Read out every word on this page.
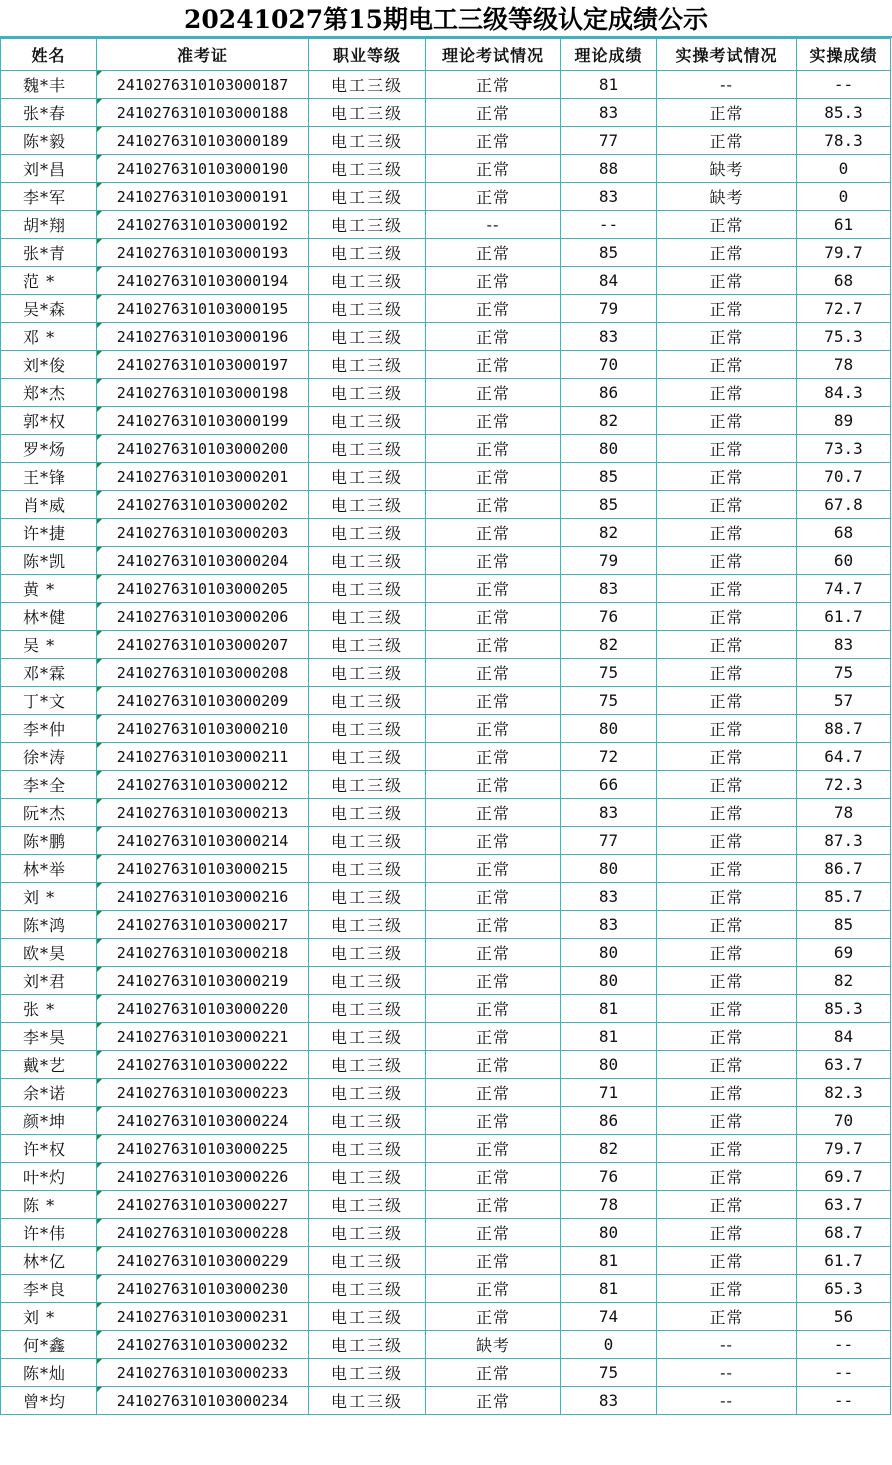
20241027第15期电工三级等级认定成绩公示
姓名	准考证	职业等级	理论考试情况	理论成绩	实操考试情况	实操成绩
魏*丰	2410276310103000187	电工三级	正常	81	--	--
张*春	2410276310103000188	电工三级	正常	83	正常	85.3
陈*毅	2410276310103000189	电工三级	正常	77	正常	78.3
刘*昌	2410276310103000190	电工三级	正常	88	缺考	0
李*军	2410276310103000191	电工三级	正常	83	缺考	0
胡*翔	2410276310103000192	电工三级	--	--	正常	61
张*青	2410276310103000193	电工三级	正常	85	正常	79.7
范 *	2410276310103000194	电工三级	正常	84	正常	68
吴*森	2410276310103000195	电工三级	正常	79	正常	72.7
邓 *	2410276310103000196	电工三级	正常	83	正常	75.3
刘*俊	2410276310103000197	电工三级	正常	70	正常	78
郑*杰	2410276310103000198	电工三级	正常	86	正常	84.3
郭*权	2410276310103000199	电工三级	正常	82	正常	89
罗*炀	2410276310103000200	电工三级	正常	80	正常	73.3
王*锋	2410276310103000201	电工三级	正常	85	正常	70.7
肖*威	2410276310103000202	电工三级	正常	85	正常	67.8
许*捷	2410276310103000203	电工三级	正常	82	正常	68
陈*凯	2410276310103000204	电工三级	正常	79	正常	60
黄 *	2410276310103000205	电工三级	正常	83	正常	74.7
林*健	2410276310103000206	电工三级	正常	76	正常	61.7
吴 *	2410276310103000207	电工三级	正常	82	正常	83
邓*霖	2410276310103000208	电工三级	正常	75	正常	75
丁*文	2410276310103000209	电工三级	正常	75	正常	57
李*仲	2410276310103000210	电工三级	正常	80	正常	88.7
徐*涛	2410276310103000211	电工三级	正常	72	正常	64.7
李*全	2410276310103000212	电工三级	正常	66	正常	72.3
阮*杰	2410276310103000213	电工三级	正常	83	正常	78
陈*鹏	2410276310103000214	电工三级	正常	77	正常	87.3
林*举	2410276310103000215	电工三级	正常	80	正常	86.7
刘 *	2410276310103000216	电工三级	正常	83	正常	85.7
陈*鸿	2410276310103000217	电工三级	正常	83	正常	85
欧*昊	2410276310103000218	电工三级	正常	80	正常	69
刘*君	2410276310103000219	电工三级	正常	80	正常	82
张 *	2410276310103000220	电工三级	正常	81	正常	85.3
李*昊	2410276310103000221	电工三级	正常	81	正常	84
戴*艺	2410276310103000222	电工三级	正常	80	正常	63.7
余*诺	2410276310103000223	电工三级	正常	71	正常	82.3
颜*坤	2410276310103000224	电工三级	正常	86	正常	70
许*权	2410276310103000225	电工三级	正常	82	正常	79.7
叶*灼	2410276310103000226	电工三级	正常	76	正常	69.7
陈 *	2410276310103000227	电工三级	正常	78	正常	63.7
许*伟	2410276310103000228	电工三级	正常	80	正常	68.7
林*亿	2410276310103000229	电工三级	正常	81	正常	61.7
李*良	2410276310103000230	电工三级	正常	81	正常	65.3
刘 *	2410276310103000231	电工三级	正常	74	正常	56
何*鑫	2410276310103000232	电工三级	缺考	0	--	--
陈*灿	2410276310103000233	电工三级	正常	75	--	--
曾*均	2410276310103000234	电工三级	正常	83	--	--
